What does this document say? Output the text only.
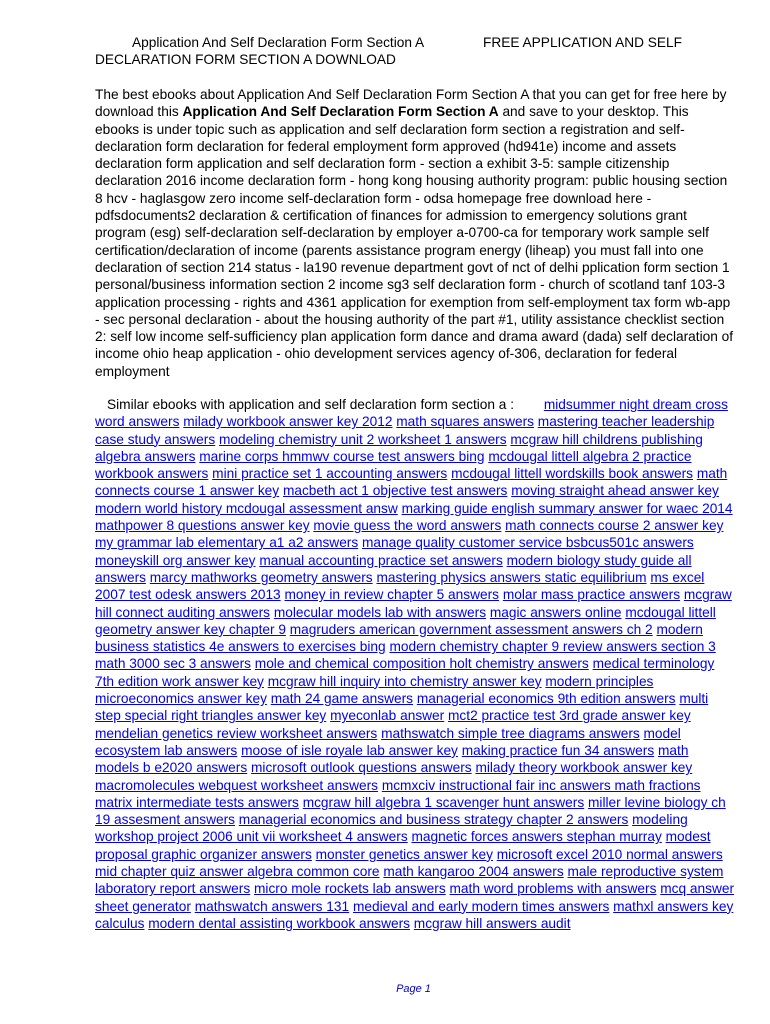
Application And Self Declaration Form Section A	FREE APPLICATION AND SELF
DECLARATION FORM SECTION A DOWNLOAD
The best ebooks about Application And Self Declaration Form Section A that you can get for free here by download this Application And Self Declaration Form Section A and save to your desktop. This ebooks is under topic such as application and self declaration form section a registration and self-declaration form declaration for federal employment form approved (hd941e) income and assets declaration form application and self declaration form - section a exhibit 3-5: sample citizenship declaration 2016 income declaration form - hong kong housing authority program: public housing section 8 hcv - haglasgow zero income self-declaration form - odsa homepage free download here - pdfsdocuments2 declaration & certification of finances for admission to emergency solutions grant program (esg) self-declaration self-declaration by employer a-0700-ca for temporary work sample self certification/declaration of income (parents assistance program energy (liheap) you must fall into one declaration of section 214 status - la190 revenue department govt of nct of delhi pplication form section 1 personal/business information section 2 income sg3 self declaration form - church of scotland tanf 103-3 application processing - rights and 4361 application for exemption from self-employment tax form wb-app - sec personal declaration - about the housing authority of the part #1, utility assistance checklist section 2: self low income self-sufficiency plan application form dance and drama award (dada) self declaration of income ohio heap application - ohio development services agency of-306, declaration for federal employment
Similar ebooks with application and self declaration form section a : midsummer night dream cross word answers milady workbook answer key 2012 math squares answers mastering teacher leadership case study answers modeling chemistry unit 2 worksheet 1 answers mcgraw hill childrens publishing algebra answers marine corps hmmwv course test answers bing mcdougal littell algebra 2 practice workbook answers mini practice set 1 accounting answers mcdougal littell wordskills book answers math connects course 1 answer key macbeth act 1 objective test answers moving straight ahead answer key modern world history mcdougal assessment answ marking guide english summary answer for waec 2014 mathpower 8 questions answer key movie guess the word answers math connects course 2 answer key my grammar lab elementary a1 a2 answers manage quality customer service bsbcus501c answers moneyskill org answer key manual accounting practice set answers modern biology study guide all answers marcy mathworks geometry answers mastering physics answers static equilibrium ms excel 2007 test odesk answers 2013 money in review chapter 5 answers molar mass practice answers mcgraw hill connect auditing answers molecular models lab with answers magic answers online mcdougal littell geometry answer key chapter 9 magruders american government assessment answers ch 2 modern business statistics 4e answers to exercises bing modern chemistry chapter 9 review answers section 3 math 3000 sec 3 answers mole and chemical composition holt chemistry answers medical terminology 7th edition work answer key mcgraw hill inquiry into chemistry answer key modern principles microeconomics answer key math 24 game answers managerial economics 9th edition answers multi step special right triangles answer key myeconlab answer mct2 practice test 3rd grade answer key mendelian genetics review worksheet answers mathswatch simple tree diagrams answers model ecosystem lab answers moose of isle royale lab answer key making practice fun 34 answers math models b e2020 answers microsoft outlook questions answers milady theory workbook answer key macromolecules webquest worksheet answers mcmxciv instructional fair inc answers math fractions matrix intermediate tests answers mcgraw hill algebra 1 scavenger hunt answers miller levine biology ch 19 assesment answers managerial economics and business strategy chapter 2 answers modeling workshop project 2006 unit vii worksheet 4 answers magnetic forces answers stephan murray modest proposal graphic organizer answers monster genetics answer key microsoft excel 2010 normal answers mid chapter quiz answer algebra common core math kangaroo 2004 answers male reproductive system laboratory report answers micro mole rockets lab answers math word problems with answers mcq answer sheet generator mathswatch answers 131 medieval and early modern times answers mathxl answers key calculus modern dental assisting workbook answers mcgraw hill answers audit
Page 1
